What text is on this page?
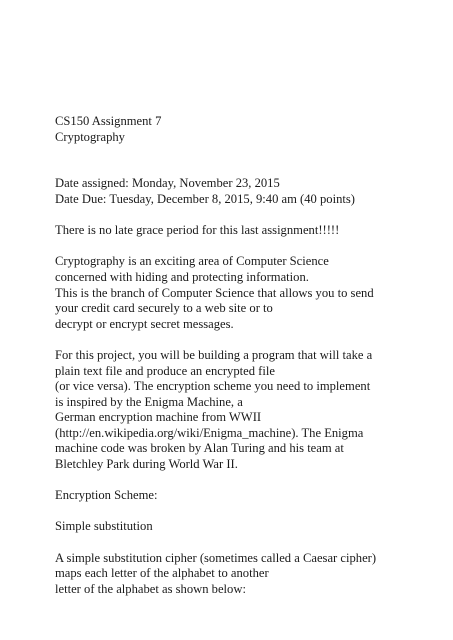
CS150 Assignment 7
Cryptography

Date assigned: Monday, November 23, 2015
Date Due: Tuesday, December 8, 2015, 9:40 am (40 points)

There is no late grace period for this last assignment!!!!!

Cryptography is an exciting area of Computer Science
concerned with hiding and protecting information.
This is the branch of Computer Science that allows you to send
your credit card securely to a web site or to
decrypt or encrypt secret messages.

For this project, you will be building a program that will take a
plain text file and produce an encrypted file
(or vice versa). The encryption scheme you need to implement
is inspired by the Enigma Machine, a
German encryption machine from WWII
(http://en.wikipedia.org/wiki/Enigma_machine). The Enigma
machine code was broken by Alan Turing and his team at
Bletchley Park during World War II.

Encryption Scheme:

Simple substitution

A simple substitution cipher (sometimes called a Caesar cipher)
maps each letter of the alphabet to another
letter of the alphabet as shown below:
